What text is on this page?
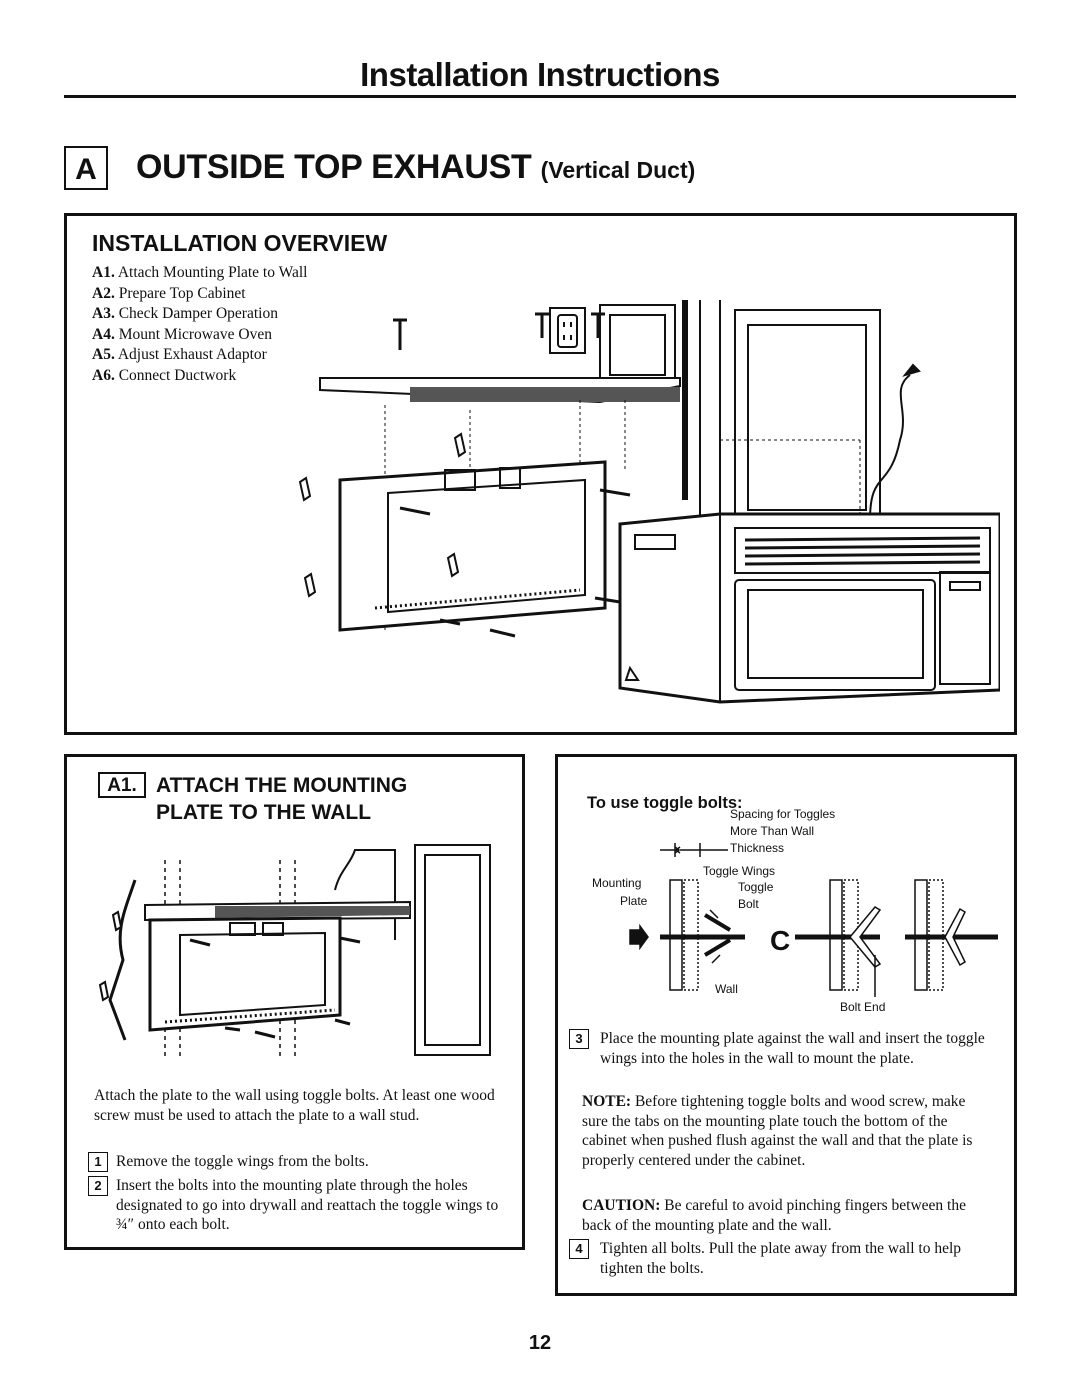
Installation Instructions
A	OUTSIDE TOP EXHAUST (Vertical Duct)
INSTALLATION OVERVIEW
A1. Attach Mounting Plate to Wall
A2. Prepare Top Cabinet
A3. Check Damper Operation
A4. Mount Microwave Oven
A5. Adjust Exhaust Adaptor
A6. Connect Ductwork
A1. ATTACH THE MOUNTING
PLATE TO THE WALL
Attach the plate to the wall using toggle bolts. At least one wood screw must be used to attach the plate to a wall stud.
1 Remove the toggle wings from the bolts.
2 Insert the bolts into the mounting plate through the holes designated to go into drywall and reattach the toggle wings to ¾″ onto each bolt.
To use toggle bolts:
Spacing for Toggles
More Than Wall
Thickness
Toggle Wings
Mounting
Plate
Toggle
Bolt
Wall
Bolt End
C
3	Place the mounting plate against the wall and insert the toggle wings into the holes in the wall to mount the plate.
NOTE: Before tightening toggle bolts and wood screw, make sure the tabs on the mounting plate touch the bottom of the cabinet when pushed flush against the wall and that the plate is properly centered under the cabinet.
CAUTION: Be careful to avoid pinching fingers between the back of the mounting plate and the wall.
4	Tighten all bolts. Pull the plate away from the wall to help tighten the bolts.
12
